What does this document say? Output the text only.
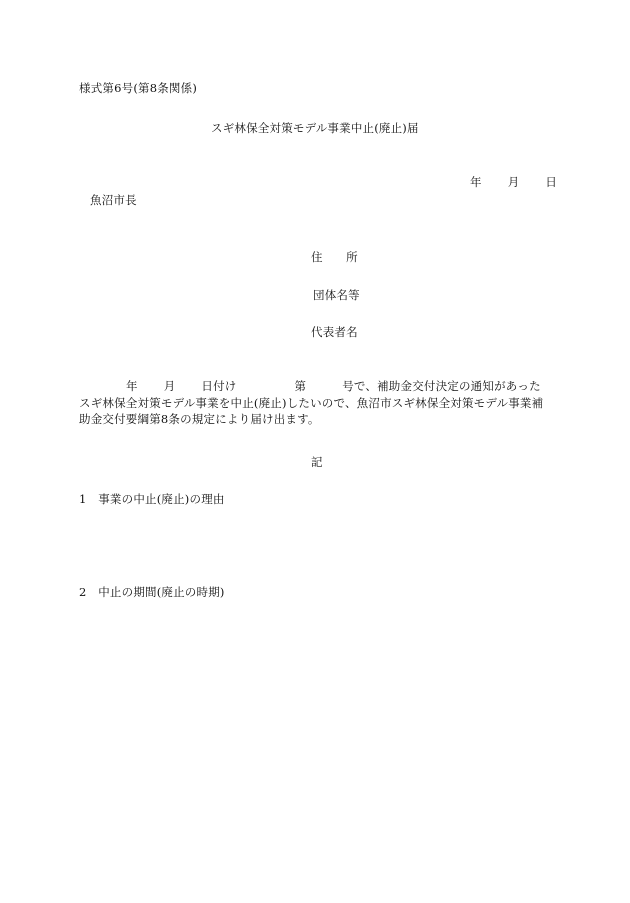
様式第6号(第8条関係)
スギ林保全対策モデル事業中止(廃止)届
年 月 日
魚沼市長
住　　所
団体名等
代表者名
年 月 日付け	第	号で、補助金交付決定の通知があった
スギ林保全対策モデル事業を中止(廃止)したいので、魚沼市スギ林保全対策モデル事業補
助金交付要綱第8条の規定により届け出ます。
記
1　事業の中止(廃止)の理由
2　中止の期間(廃止の時期)
